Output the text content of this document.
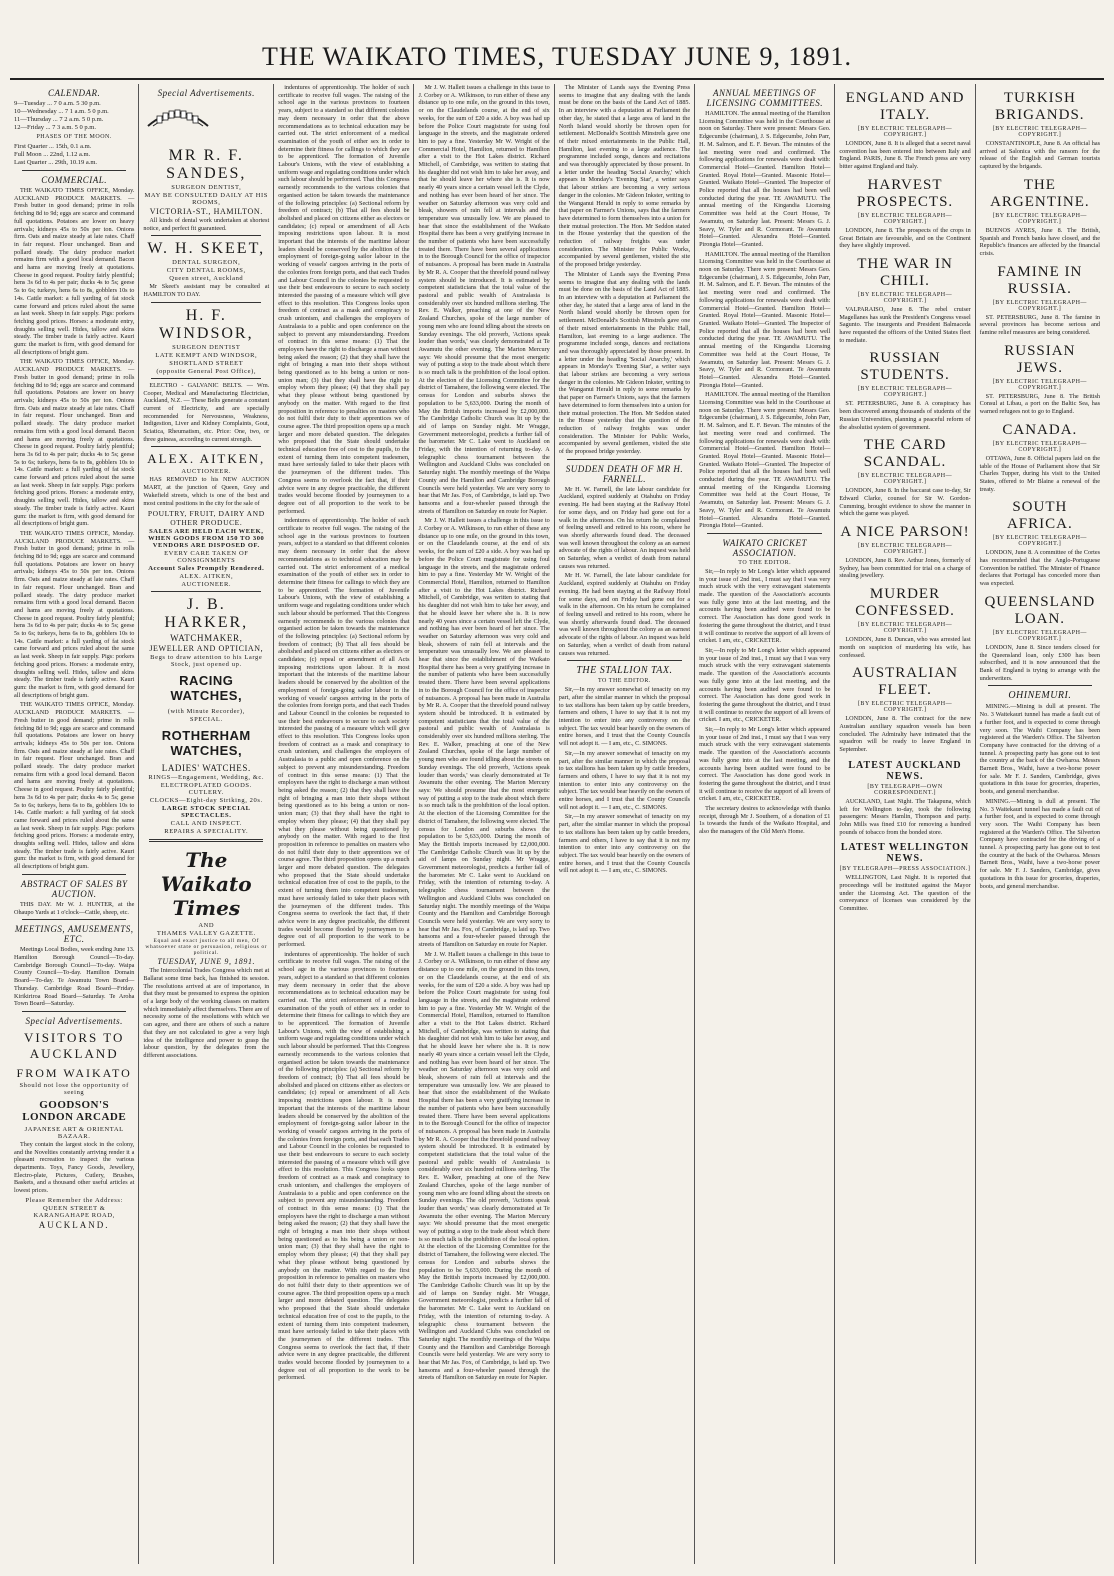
THE WAIKATO TIMES, TUESDAY JUNE 9, 1891.
CALENDAR.
9—Tuesday ... 7 0 a.m. 5 30 p.m.
10—Wednesday ... 7 1 a.m. 5 0 p.m.
11—Thursday ... 7 2 a.m. 5 0 p.m.
12—Friday ... 7 3 a.m. 5 0 p.m.
PHASES OF THE MOON.
First Quarter ... 15th, 0.1 a.m.
Full Moon ... 22nd, 1.12 a.m.
Last Quarter ... 29th, 10.19 a.m.
COMMERCIAL.

THE WAIKATO TIMES OFFICE, Monday. AUCKLAND PRODUCE MARKETS. — Fresh butter in good demand; prime in rolls fetching 8d to 9d; eggs are scarce and command full quotations. Potatoes are lower on heavy arrivals; kidneys 45s to 50s per ton. Onions firm. Oats and maize steady at late rates. Chaff in fair request. Flour unchanged. Bran and pollard steady. The dairy produce market remains firm with a good local demand. Bacon and hams are moving freely at quotations. Cheese in good request. Poultry fairly plentiful; hens 3s 6d to 4s per pair; ducks 4s to 5s; geese 5s to 6s; turkeys, hens 6s to 8s, gobblers 10s to 14s. Cattle market: a full yarding of fat stock came forward and prices ruled about the same as last week. Sheep in fair supply. Pigs: porkers fetching good prices. Horses: a moderate entry, draughts selling well. Hides, tallow and skins steady. The timber trade is fairly active. Kauri gum: the market is firm, with good demand for all descriptions of bright gum.

THE WAIKATO TIMES OFFICE, Monday. AUCKLAND PRODUCE MARKETS. — Fresh butter in good demand; prime in rolls fetching 8d to 9d; eggs are scarce and command full quotations. Potatoes are lower on heavy arrivals; kidneys 45s to 50s per ton. Onions firm. Oats and maize steady at late rates. Chaff in fair request. Flour unchanged. Bran and pollard steady. The dairy produce market remains firm with a good local demand. Bacon and hams are moving freely at quotations. Cheese in good request. Poultry fairly plentiful; hens 3s 6d to 4s per pair; ducks 4s to 5s; geese 5s to 6s; turkeys, hens 6s to 8s, gobblers 10s to 14s. Cattle market: a full yarding of fat stock came forward and prices ruled about the same as last week. Sheep in fair supply. Pigs: porkers fetching good prices. Horses: a moderate entry, draughts selling well. Hides, tallow and skins steady. The timber trade is fairly active. Kauri gum: the market is firm, with good demand for all descriptions of bright gum.

THE WAIKATO TIMES OFFICE, Monday. AUCKLAND PRODUCE MARKETS. — Fresh butter in good demand; prime in rolls fetching 8d to 9d; eggs are scarce and command full quotations. Potatoes are lower on heavy arrivals; kidneys 45s to 50s per ton. Onions firm. Oats and maize steady at late rates. Chaff in fair request. Flour unchanged. Bran and pollard steady. The dairy produce market remains firm with a good local demand. Bacon and hams are moving freely at quotations. Cheese in good request. Poultry fairly plentiful; hens 3s 6d to 4s per pair; ducks 4s to 5s; geese 5s to 6s; turkeys, hens 6s to 8s, gobblers 10s to 14s. Cattle market: a full yarding of fat stock came forward and prices ruled about the same as last week. Sheep in fair supply. Pigs: porkers fetching good prices. Horses: a moderate entry, draughts selling well. Hides, tallow and skins steady. The timber trade is fairly active. Kauri gum: the market is firm, with good demand for all descriptions of bright gum.

THE WAIKATO TIMES OFFICE, Monday. AUCKLAND PRODUCE MARKETS. — Fresh butter in good demand; prime in rolls fetching 8d to 9d; eggs are scarce and command full quotations. Potatoes are lower on heavy arrivals; kidneys 45s to 50s per ton. Onions firm. Oats and maize steady at late rates. Chaff in fair request. Flour unchanged. Bran and pollard steady. The dairy produce market remains firm with a good local demand. Bacon and hams are moving freely at quotations. Cheese in good request. Poultry fairly plentiful; hens 3s 6d to 4s per pair; ducks 4s to 5s; geese 5s to 6s; turkeys, hens 6s to 8s, gobblers 10s to 14s. Cattle market: a full yarding of fat stock came forward and prices ruled about the same as last week. Sheep in fair supply. Pigs: porkers fetching good prices. Horses: a moderate entry, draughts selling well. Hides, tallow and skins steady. The timber trade is fairly active. Kauri gum: the market is firm, with good demand for all descriptions of bright gum.

ABSTRACT OF SALES BY AUCTION.

THIS DAY. Mr W. J. HUNTER, at the Ohaupo Yards at 1 o'clock—Cattle, sheep, etc.

MEETINGS, AMUSEMENTS, ETC.

Meetings Local Bodies, week ending June 13. Hamilton Borough Council—To-day. Cambridge Borough Council—To-day. Waipa County Council—To-day. Hamilton Domain Board—To-day. Te Awamutu Town Board—Thursday. Cambridge Road Board—Friday. Kirikiriroa Road Board—Saturday. Te Aroha Town Board—Saturday.

Special Advertisements.
VISITORS TO AUCKLAND
FROM WAIKATO
Should not lose the opportunity of seeing
GOODSON'S LONDON ARCADE
JAPANESE ART & ORIENTAL BAZAAR.

They contain the largest stock in the colony, and the Novelties constantly arriving render it a pleasant recreation to inspect the various departments. Toys, Fancy Goods, Jewellery, Electro-plate, Pictures, Cutlery, Brushes, Baskets, and a thousand other useful articles at lowest prices.

Please Remember the Address:
QUEEN STREET & KARANGAHAPE ROAD,
AUCKLAND.
Special Advertisements.
MR R. F. SANDES,
SURGEON DENTIST,
MAY BE CONSULTED DAILY AT HIS ROOMS,
VICTORIA-ST., HAMILTON.

All kinds of dental work undertaken at shortest notice, and perfect fit guaranteed.

W. H. SKEET,
DENTAL SURGEON,
CITY DENTAL ROOMS,
Queen street, Auckland

Mr Skeet's assistant may be consulted at HAMILTON TO DAY.

H. F. WINDSOR,
SURGEON DENTIST
LATE KEMPT AND WINDSOR,
SHORTLAND STREET
(opposite General Post Office),

ELECTRO - GALVANIC BELTS. — Wm. Cooper, Medical and Manufacturing Electrician, Auckland, N.Z. — These Belts generate a constant current of Electricity, and are specially recommended for Nervousness, Weakness, Indigestion, Liver and Kidney Complaints, Gout, Sciatica, Rheumatism, etc. Price: One, two, or three guineas, according to current strength.

ALEX. AITKEN,
AUCTIONEER.

HAS REMOVED to his NEW AUCTION MART, at the junction of Queen, Grey and Wakefield streets, which is one of the best and most central positions in the city for the sale of

POULTRY, FRUIT, DAIRY AND OTHER PRODUCE.
SALES ARE HELD EACH WEEK, WHEN GOODS FROM 150 TO 300 VENDORS ARE DISPOSED OF.
EVERY CARE TAKEN OF CONSIGNMENTS
Account Sales Promptly Rendered.
ALEX. AITKEN,
AUCTIONEER.
J. B. HARKER,
WATCHMAKER,
JEWELLER AND OPTICIAN,
Begs to draw attention to his Large Stock, just opened up.
RACING WATCHES,
(with Minute Recorder),
SPECIAL.
ROTHERHAM WATCHES,
LADIES' WATCHES.
RINGS—Engagement, Wedding, &c.
ELECTROPLATED GOODS. CUTLERY.
CLOCKS—Eight-day Striking, 20s.
LARGE STOCK SPECIAL SPECTACLES.
CALL AND INSPECT.
REPAIRS A SPECIALITY.
The Waikato Times
AND
THAMES VALLEY GAZETTE.
Equal and exact justice to all men, Of whatsoever state or persuasion, religious or political.
TUESDAY, JUNE 9, 1891.

The Intercolonial Trades Congress which met at Ballarat some time back, has finished its session. The resolutions arrived at are of importance, in that they must be presumed to express the opinion of a large body of the working classes on matters which immediately affect themselves. There are of necessity some of the resolutions with which we can agree, and there are others of such a nature that they are not calculated to give a very high idea of the intelligence and power to grasp the labour question, by the delegates from the different associations.

indentures of apprenticeship. The holder of such certificate to receive full wages. The raising of the school age in the various provinces to fourteen years, subject to a standard so that different colonies may deem necessary in order that the above recommendations as to technical education may be carried out. The strict enforcement of a medical examination of the youth of either sex in order to determine their fitness for callings to which they are to be apprenticed. The formation of Juvenile Labour's Unions, with the view of establishing a uniform wage and regulating conditions under which such labour should be performed. That this Congress earnestly recommends to the various colonies that organised action be taken towards the maintenance of the following principles: (a) Sectional reform by freedom of contract; (b) That all fees should be abolished and placed on citizens either as electors or candidates; (c) repeal or amendment of all Acts imposing restrictions upon labour. It is most important that the interests of the maritime labour leaders should be conserved by the abolition of the employment of foreign-going sailor labour in the working of vessels' cargoes arriving in the ports of the colonies from foreign ports, and that each Trades and Labour Council in the colonies be requested to use their best endeavours to secure to each society interested the passing of a measure which will give effect to this resolution. This Congress looks upon freedom of contract as a mask and conspiracy to crush unionism, and challenges the employers of Australasia to a public and open conference on the subject to prevent any misunderstanding. Freedom of contract in this sense means: (1) That the employers have the right to discharge a man without being asked the reason; (2) that they shall have the right of bringing a man into their shops without being questioned as to his being a union or non-union man; (3) that they shall have the right to employ whom they please; (4) that they shall pay what they please without being questioned by anybody on the matter. With regard to the first proposition in reference to penalties on masters who do not fulfil their duty to their apprentices we of course agree. The third proposition opens up a much larger and more debated question. The delegates who proposed that the State should undertake technical education free of cost to the pupils, to the extent of turning them into competent tradesmen, must have seriously failed to take their places with the journeymen of the different trades. This Congress seems to overlook the fact that, if their advice were in any degree practicable, the different trades would become flooded by journeymen to a degree out of all proportion to the work to be performed.

indentures of apprenticeship. The holder of such certificate to receive full wages. The raising of the school age in the various provinces to fourteen years, subject to a standard so that different colonies may deem necessary in order that the above recommendations as to technical education may be carried out. The strict enforcement of a medical examination of the youth of either sex in order to determine their fitness for callings to which they are to be apprenticed. The formation of Juvenile Labour's Unions, with the view of establishing a uniform wage and regulating conditions under which such labour should be performed. That this Congress earnestly recommends to the various colonies that organised action be taken towards the maintenance of the following principles: (a) Sectional reform by freedom of contract; (b) That all fees should be abolished and placed on citizens either as electors or candidates; (c) repeal or amendment of all Acts imposing restrictions upon labour. It is most important that the interests of the maritime labour leaders should be conserved by the abolition of the employment of foreign-going sailor labour in the working of vessels' cargoes arriving in the ports of the colonies from foreign ports, and that each Trades and Labour Council in the colonies be requested to use their best endeavours to secure to each society interested the passing of a measure which will give effect to this resolution. This Congress looks upon freedom of contract as a mask and conspiracy to crush unionism, and challenges the employers of Australasia to a public and open conference on the subject to prevent any misunderstanding. Freedom of contract in this sense means: (1) That the employers have the right to discharge a man without being asked the reason; (2) that they shall have the right of bringing a man into their shops without being questioned as to his being a union or non-union man; (3) that they shall have the right to employ whom they please; (4) that they shall pay what they please without being questioned by anybody on the matter. With regard to the first proposition in reference to penalties on masters who do not fulfil their duty to their apprentices we of course agree. The third proposition opens up a much larger and more debated question. The delegates who proposed that the State should undertake technical education free of cost to the pupils, to the extent of turning them into competent tradesmen, must have seriously failed to take their places with the journeymen of the different trades. This Congress seems to overlook the fact that, if their advice were in any degree practicable, the different trades would become flooded by journeymen to a degree out of all proportion to the work to be performed.

indentures of apprenticeship. The holder of such certificate to receive full wages. The raising of the school age in the various provinces to fourteen years, subject to a standard so that different colonies may deem necessary in order that the above recommendations as to technical education may be carried out. The strict enforcement of a medical examination of the youth of either sex in order to determine their fitness for callings to which they are to be apprenticed. The formation of Juvenile Labour's Unions, with the view of establishing a uniform wage and regulating conditions under which such labour should be performed. That this Congress earnestly recommends to the various colonies that organised action be taken towards the maintenance of the following principles: (a) Sectional reform by freedom of contract; (b) That all fees should be abolished and placed on citizens either as electors or candidates; (c) repeal or amendment of all Acts imposing restrictions upon labour. It is most important that the interests of the maritime labour leaders should be conserved by the abolition of the employment of foreign-going sailor labour in the working of vessels' cargoes arriving in the ports of the colonies from foreign ports, and that each Trades and Labour Council in the colonies be requested to use their best endeavours to secure to each society interested the passing of a measure which will give effect to this resolution. This Congress looks upon freedom of contract as a mask and conspiracy to crush unionism, and challenges the employers of Australasia to a public and open conference on the subject to prevent any misunderstanding. Freedom of contract in this sense means: (1) That the employers have the right to discharge a man without being asked the reason; (2) that they shall have the right of bringing a man into their shops without being questioned as to his being a union or non-union man; (3) that they shall have the right to employ whom they please; (4) that they shall pay what they please without being questioned by anybody on the matter. With regard to the first proposition in reference to penalties on masters who do not fulfil their duty to their apprentices we of course agree. The third proposition opens up a much larger and more debated question. The delegates who proposed that the State should undertake technical education free of cost to the pupils, to the extent of turning them into competent tradesmen, must have seriously failed to take their places with the journeymen of the different trades. This Congress seems to overlook the fact that, if their advice were in any degree practicable, the different trades would become flooded by journeymen to a degree out of all proportion to the work to be performed.

Mr J. W. Hallett issues a challenge in this issue to J. Corbey or A. Wilkinson, to run either of these any distance up to one mile, on the ground in this town, or on the Claudelands course, at the end of six weeks, for the sum of £20 a side. A boy was had up before the Police Court magistrate for using foul language in the streets, and the magistrate ordered him to pay a fine. Yesterday Mr W. Wright of the Commercial Hotel, Hamilton, returned to Hamilton after a visit to the Hot Lakes district. Richard Mitchell, of Cambridge, was written to stating that his daughter did not wish him to take her away, and that he should leave her where she is. It is now nearly 40 years since a certain vessel left the Clyde, and nothing has ever been heard of her since. The weather on Saturday afternoon was very cold and bleak, showers of rain fell at intervals and the temperature was unusually low. We are pleased to hear that since the establishment of the Waikato Hospital there has been a very gratifying increase in the number of patients who have been successfully treated there. There have been several applications in to the Borough Council for the office of inspector of nuisances. A proposal has been made in Australia by Mr R. A. Cooper that the threefold pound railway system should be introduced. It is estimated by competent statisticians that the total value of the pastoral and public wealth of Australasia is considerably over six hundred millions sterling. The Rev. E. Walker, preaching at one of the New Zealand Churches, spoke of the large number of young men who are found idling about the streets on Sunday evenings. The old proverb, 'Actions speak louder than words,' was clearly demonstrated at Te Awamutu the other evening. The Marton Mercury says: We should presume that the most energetic way of putting a stop to the trade about which there is so much talk is the prohibition of the local option. At the election of the Licensing Committee for the district of Tamahere, the following were elected. The census for London and suburbs shows the population to be 5,633,000. During the month of May the British imports increased by £2,000,000. The Cambridge Catholic Church was lit up by the aid of lamps on Sunday night. Mr Wragge, Government meteorologist, predicts a further fall of the barometer. Mr C. Lake went to Auckland on Friday, with the intention of returning to-day. A telegraphic chess tournament between the Wellington and Auckland Clubs was concluded on Saturday night. The monthly meetings of the Waipa County and the Hamilton and Cambridge Borough Councils were held yesterday. We are very sorry to hear that Mr Jas. Fox, of Cambridge, is laid up. Two hansoms and a four-wheeler passed through the streets of Hamilton on Saturday en route for Napier.

Mr J. W. Hallett issues a challenge in this issue to J. Corbey or A. Wilkinson, to run either of these any distance up to one mile, on the ground in this town, or on the Claudelands course, at the end of six weeks, for the sum of £20 a side. A boy was had up before the Police Court magistrate for using foul language in the streets, and the magistrate ordered him to pay a fine. Yesterday Mr W. Wright of the Commercial Hotel, Hamilton, returned to Hamilton after a visit to the Hot Lakes district. Richard Mitchell, of Cambridge, was written to stating that his daughter did not wish him to take her away, and that he should leave her where she is. It is now nearly 40 years since a certain vessel left the Clyde, and nothing has ever been heard of her since. The weather on Saturday afternoon was very cold and bleak, showers of rain fell at intervals and the temperature was unusually low. We are pleased to hear that since the establishment of the Waikato Hospital there has been a very gratifying increase in the number of patients who have been successfully treated there. There have been several applications in to the Borough Council for the office of inspector of nuisances. A proposal has been made in Australia by Mr R. A. Cooper that the threefold pound railway system should be introduced. It is estimated by competent statisticians that the total value of the pastoral and public wealth of Australasia is considerably over six hundred millions sterling. The Rev. E. Walker, preaching at one of the New Zealand Churches, spoke of the large number of young men who are found idling about the streets on Sunday evenings. The old proverb, 'Actions speak louder than words,' was clearly demonstrated at Te Awamutu the other evening. The Marton Mercury says: We should presume that the most energetic way of putting a stop to the trade about which there is so much talk is the prohibition of the local option. At the election of the Licensing Committee for the district of Tamahere, the following were elected. The census for London and suburbs shows the population to be 5,633,000. During the month of May the British imports increased by £2,000,000. The Cambridge Catholic Church was lit up by the aid of lamps on Sunday night. Mr Wragge, Government meteorologist, predicts a further fall of the barometer. Mr C. Lake went to Auckland on Friday, with the intention of returning to-day. A telegraphic chess tournament between the Wellington and Auckland Clubs was concluded on Saturday night. The monthly meetings of the Waipa County and the Hamilton and Cambridge Borough Councils were held yesterday. We are very sorry to hear that Mr Jas. Fox, of Cambridge, is laid up. Two hansoms and a four-wheeler passed through the streets of Hamilton on Saturday en route for Napier.

Mr J. W. Hallett issues a challenge in this issue to J. Corbey or A. Wilkinson, to run either of these any distance up to one mile, on the ground in this town, or on the Claudelands course, at the end of six weeks, for the sum of £20 a side. A boy was had up before the Police Court magistrate for using foul language in the streets, and the magistrate ordered him to pay a fine. Yesterday Mr W. Wright of the Commercial Hotel, Hamilton, returned to Hamilton after a visit to the Hot Lakes district. Richard Mitchell, of Cambridge, was written to stating that his daughter did not wish him to take her away, and that he should leave her where she is. It is now nearly 40 years since a certain vessel left the Clyde, and nothing has ever been heard of her since. The weather on Saturday afternoon was very cold and bleak, showers of rain fell at intervals and the temperature was unusually low. We are pleased to hear that since the establishment of the Waikato Hospital there has been a very gratifying increase in the number of patients who have been successfully treated there. There have been several applications in to the Borough Council for the office of inspector of nuisances. A proposal has been made in Australia by Mr R. A. Cooper that the threefold pound railway system should be introduced. It is estimated by competent statisticians that the total value of the pastoral and public wealth of Australasia is considerably over six hundred millions sterling. The Rev. E. Walker, preaching at one of the New Zealand Churches, spoke of the large number of young men who are found idling about the streets on Sunday evenings. The old proverb, 'Actions speak louder than words,' was clearly demonstrated at Te Awamutu the other evening. The Marton Mercury says: We should presume that the most energetic way of putting a stop to the trade about which there is so much talk is the prohibition of the local option. At the election of the Licensing Committee for the district of Tamahere, the following were elected. The census for London and suburbs shows the population to be 5,633,000. During the month of May the British imports increased by £2,000,000. The Cambridge Catholic Church was lit up by the aid of lamps on Sunday night. Mr Wragge, Government meteorologist, predicts a further fall of the barometer. Mr C. Lake went to Auckland on Friday, with the intention of returning to-day. A telegraphic chess tournament between the Wellington and Auckland Clubs was concluded on Saturday night. The monthly meetings of the Waipa County and the Hamilton and Cambridge Borough Councils were held yesterday. We are very sorry to hear that Mr Jas. Fox, of Cambridge, is laid up. Two hansoms and a four-wheeler passed through the streets of Hamilton on Saturday en route for Napier.

The Minister of Lands says the Evening Press seems to imagine that any dealing with the lands must be done on the basis of the Land Act of 1885. In an interview with a deputation at Parliament the other day, he stated that a large area of land in the North Island would shortly be thrown open for settlement. McDonald's Scottish Minstrels gave one of their mixed entertainments in the Public Hall, Hamilton, last evening to a large audience. The programme included songs, dances and recitations and was thoroughly appreciated by those present. In a letter under the heading 'Social Anarchy,' which appears in Monday's 'Evening Star', a writer says that labour strikes are becoming a very serious danger in the colonies. Mr Gideon Inkster, writing to the Wanganui Herald in reply to some remarks by that paper on Farmer's Unions, says that the farmers have determined to form themselves into a union for their mutual protection. The Hon. Mr Seddon stated in the House yesterday that the question of the reduction of railway freights was under consideration. The Minister for Public Works, accompanied by several gentlemen, visited the site of the proposed bridge yesterday.

The Minister of Lands says the Evening Press seems to imagine that any dealing with the lands must be done on the basis of the Land Act of 1885. In an interview with a deputation at Parliament the other day, he stated that a large area of land in the North Island would shortly be thrown open for settlement. McDonald's Scottish Minstrels gave one of their mixed entertainments in the Public Hall, Hamilton, last evening to a large audience. The programme included songs, dances and recitations and was thoroughly appreciated by those present. In a letter under the heading 'Social Anarchy,' which appears in Monday's 'Evening Star', a writer says that labour strikes are becoming a very serious danger in the colonies. Mr Gideon Inkster, writing to the Wanganui Herald in reply to some remarks by that paper on Farmer's Unions, says that the farmers have determined to form themselves into a union for their mutual protection. The Hon. Mr Seddon stated in the House yesterday that the question of the reduction of railway freights was under consideration. The Minister for Public Works, accompanied by several gentlemen, visited the site of the proposed bridge yesterday.

SUDDEN DEATH OF MR H. FARNELL.

Mr H. W. Farnell, the late labour candidate for Auckland, expired suddenly at Otahuhu on Friday evening. He had been staying at the Railway Hotel for some days, and on Friday had gone out for a walk in the afternoon. On his return he complained of feeling unwell and retired to his room, where he was shortly afterwards found dead. The deceased was well known throughout the colony as an earnest advocate of the rights of labour. An inquest was held on Saturday, when a verdict of death from natural causes was returned.

Mr H. W. Farnell, the late labour candidate for Auckland, expired suddenly at Otahuhu on Friday evening. He had been staying at the Railway Hotel for some days, and on Friday had gone out for a walk in the afternoon. On his return he complained of feeling unwell and retired to his room, where he was shortly afterwards found dead. The deceased was well known throughout the colony as an earnest advocate of the rights of labour. An inquest was held on Saturday, when a verdict of death from natural causes was returned.

THE STALLION TAX.
TO THE EDITOR.

Sir,—In my answer somewhat of tenacity on my part, after the similar manner in which the proposal to tax stallions has been taken up by cattle breeders, farmers and others, I have to say that it is not my intention to enter into any controversy on the subject. The tax would bear heavily on the owners of entire horses, and I trust that the County Councils will not adopt it. — I am, etc., C. SIMONS.

Sir,—In my answer somewhat of tenacity on my part, after the similar manner in which the proposal to tax stallions has been taken up by cattle breeders, farmers and others, I have to say that it is not my intention to enter into any controversy on the subject. The tax would bear heavily on the owners of entire horses, and I trust that the County Councils will not adopt it. — I am, etc., C. SIMONS.

Sir,—In my answer somewhat of tenacity on my part, after the similar manner in which the proposal to tax stallions has been taken up by cattle breeders, farmers and others, I have to say that it is not my intention to enter into any controversy on the subject. The tax would bear heavily on the owners of entire horses, and I trust that the County Councils will not adopt it. — I am, etc., C. SIMONS.

ANNUAL MEETINGS OF LICENSING COMMITTEES.

HAMILTON. The annual meeting of the Hamilton Licensing Committee was held in the Courthouse at noon on Saturday. There were present: Messrs Geo. Edgecumbe (chairman), J. S. Edgecumbe, John Parr, H. M. Salmon, and E. F. Bevan. The minutes of the last meeting were read and confirmed. The following applications for renewals were dealt with: Commercial Hotel—Granted. Hamilton Hotel—Granted. Royal Hotel—Granted. Masonic Hotel—Granted. Waikato Hotel—Granted. The Inspector of Police reported that all the houses had been well conducted during the year. TE AWAMUTU. The annual meeting of the Kingandia Licensing Committee was held at the Court House, Te Awamutu, on Saturday last. Present: Messrs G. J. Seavy, W. Tyler and R. Cormorant. Te Awamutu Hotel—Granted. Alexandra Hotel—Granted. Pirongia Hotel—Granted.

HAMILTON. The annual meeting of the Hamilton Licensing Committee was held in the Courthouse at noon on Saturday. There were present: Messrs Geo. Edgecumbe (chairman), J. S. Edgecumbe, John Parr, H. M. Salmon, and E. F. Bevan. The minutes of the last meeting were read and confirmed. The following applications for renewals were dealt with: Commercial Hotel—Granted. Hamilton Hotel—Granted. Royal Hotel—Granted. Masonic Hotel—Granted. Waikato Hotel—Granted. The Inspector of Police reported that all the houses had been well conducted during the year. TE AWAMUTU. The annual meeting of the Kingandia Licensing Committee was held at the Court House, Te Awamutu, on Saturday last. Present: Messrs G. J. Seavy, W. Tyler and R. Cormorant. Te Awamutu Hotel—Granted. Alexandra Hotel—Granted. Pirongia Hotel—Granted.

HAMILTON. The annual meeting of the Hamilton Licensing Committee was held in the Courthouse at noon on Saturday. There were present: Messrs Geo. Edgecumbe (chairman), J. S. Edgecumbe, John Parr, H. M. Salmon, and E. F. Bevan. The minutes of the last meeting were read and confirmed. The following applications for renewals were dealt with: Commercial Hotel—Granted. Hamilton Hotel—Granted. Royal Hotel—Granted. Masonic Hotel—Granted. Waikato Hotel—Granted. The Inspector of Police reported that all the houses had been well conducted during the year. TE AWAMUTU. The annual meeting of the Kingandia Licensing Committee was held at the Court House, Te Awamutu, on Saturday last. Present: Messrs G. J. Seavy, W. Tyler and R. Cormorant. Te Awamutu Hotel—Granted. Alexandra Hotel—Granted. Pirongia Hotel—Granted.

WAIKATO CRICKET ASSOCIATION.
TO THE EDITOR.

Sir,—In reply to Mr Long's letter which appeared in your issue of 2nd inst., I must say that I was very much struck with the very extravagant statements made. The question of the Association's accounts was fully gone into at the last meeting, and the accounts having been audited were found to be correct. The Association has done good work in fostering the game throughout the district, and I trust it will continue to receive the support of all lovers of cricket. I am, etc., CRICKETER.

Sir,—In reply to Mr Long's letter which appeared in your issue of 2nd inst., I must say that I was very much struck with the very extravagant statements made. The question of the Association's accounts was fully gone into at the last meeting, and the accounts having been audited were found to be correct. The Association has done good work in fostering the game throughout the district, and I trust it will continue to receive the support of all lovers of cricket. I am, etc., CRICKETER.

Sir,—In reply to Mr Long's letter which appeared in your issue of 2nd inst., I must say that I was very much struck with the very extravagant statements made. The question of the Association's accounts was fully gone into at the last meeting, and the accounts having been audited were found to be correct. The Association has done good work in fostering the game throughout the district, and I trust it will continue to receive the support of all lovers of cricket. I am, etc., CRICKETER.

The secretary desires to acknowledge with thanks receipt, through Mr J. Southern, of a donation of £1 1s towards the funds of the Waikato Hospital, and also the managers of the Old Men's Home.

ENGLAND AND ITALY.
[BY ELECTRIC TELEGRAPH—COPYRIGHT.]

LONDON, June 8. It is alleged that a secret naval convention has been entered into between Italy and England. PARIS, June 8. The French press are very bitter against England and Italy.

HARVEST PROSPECTS.
[BY ELECTRIC TELEGRAPH—COPYRIGHT.]

LONDON, June 8. The prospects of the crops in Great Britain are favourable, and on the Continent they have slightly improved.

THE WAR IN CHILI.
[BY ELECTRIC TELEGRAPH—COPYRIGHT.]

VALPARAISO, June 8. The rebel cruiser Magellanes has sunk the President's Congress vessel Sagunto. The insurgents and President Balmaceda have requested the officers of the United States fleet to mediate.

RUSSIAN STUDENTS.
[BY ELECTRIC TELEGRAPH—COPYRIGHT.]

ST. PETERSBURG, June 8. A conspiracy has been discovered among thousands of students of the Russian Universities, planning a peaceful reform of the absolutist system of government.

THE CARD SCANDAL.
[BY ELECTRIC TELEGRAPH—COPYRIGHT.]

LONDON, June 8. In the baccarat case to-day, Sir Edward Clarke, counsel for Sir W. Gordon-Cumming, brought evidence to show the manner in which the game was played.

A NICE PARSON!
[BY ELECTRIC TELEGRAPH—COPYRIGHT.]

LONDON, June 8. Rev. Arthur Jones, formerly of Sydney, has been committed for trial on a charge of stealing jewellery.

MURDER CONFESSED.
[BY ELECTRIC TELEGRAPH—COPYRIGHT.]

LONDON, June 8. Duncan, who was arrested last month on suspicion of murdering his wife, has confessed.

AUSTRALIAN FLEET.
[BY ELECTRIC TELEGRAPH—COPYRIGHT.]

LONDON, June 8. The contract for the new Australian auxiliary squadron vessels has been concluded. The Admiralty have intimated that the squadron will be ready to leave England in September.

LATEST AUCKLAND NEWS.
[BY TELEGRAPH—OWN CORRESPONDENT.]

AUCKLAND, Last Night. The Takapuna, which left for Wellington to-day, took the following passengers: Messrs Hamlin, Thompson and party. John Mills was fined £10 for removing a hundred pounds of tobacco from the bonded store.

LATEST WELLINGTON NEWS.
[BY TELEGRAPH—PRESS ASSOCIATION.]

WELLINGTON, Last Night. It is reported that proceedings will be instituted against the Mayor under the Licensing Act. The question of the conveyance of licenses was considered by the Committee.

TURKISH BRIGANDS.
[BY ELECTRIC TELEGRAPH—COPYRIGHT.]

CONSTANTINOPLE, June 8. An official has arrived at Salonica with the ransom for the release of the English and German tourists captured by the brigands.

THE ARGENTINE.
[BY ELECTRIC TELEGRAPH—COPYRIGHT.]

BUENOS AYRES, June 8. The British, Spanish and French banks have closed, and the Republic's finances are affected by the financial crisis.

FAMINE IN RUSSIA.
[BY ELECTRIC TELEGRAPH—COPYRIGHT.]

ST. PETERSBURG, June 8. The famine in several provinces has become serious and famine relief measures are being considered.

RUSSIAN JEWS.
[BY ELECTRIC TELEGRAPH—COPYRIGHT.]

ST. PETERSBURG, June 8. The British Consul at Libau, a port on the Baltic Sea, has warned refugees not to go to England.

CANADA.
[BY ELECTRIC TELEGRAPH—COPYRIGHT.]

OTTAWA, June 8. Official papers laid on the table of the House of Parliament show that Sir Charles Tupper, during his visit to the United States, offered to Mr Blaine a renewal of the treaty.

SOUTH AFRICA.
[BY ELECTRIC TELEGRAPH—COPYRIGHT.]

LONDON, June 8. A committee of the Cortes has recommended that the Anglo-Portuguese Convention be ratified. The Minister of Finance declares that Portugal has conceded more than was expected.

QUEENSLAND LOAN.
[BY ELECTRIC TELEGRAPH—COPYRIGHT.]

LONDON, June 8. Since tenders closed for the Queensland loan, only £300 has been subscribed, and it is now announced that the Bank of England is trying to arrange with the underwriters.

OHINEMURI.

MINING.—Mining is dull at present. The No. 3 Waitekauri tunnel has made a fault cut of a further foot, and is expected to come through very soon. The Waihi Company has been registered at the Warden's Office. The Silverton Company have contracted for the driving of a tunnel. A prospecting party has gone out to test the country at the back of the Owharoa. Messrs Barnett Bros., Waihi, have a two-horse power for sale. Mr F. J. Sanders, Cambridge, gives quotations in this issue for groceries, draperies, boots, and general merchandise.

MINING.—Mining is dull at present. The No. 3 Waitekauri tunnel has made a fault cut of a further foot, and is expected to come through very soon. The Waihi Company has been registered at the Warden's Office. The Silverton Company have contracted for the driving of a tunnel. A prospecting party has gone out to test the country at the back of the Owharoa. Messrs Barnett Bros., Waihi, have a two-horse power for sale. Mr F. J. Sanders, Cambridge, gives quotations in this issue for groceries, draperies, boots, and general merchandise.
